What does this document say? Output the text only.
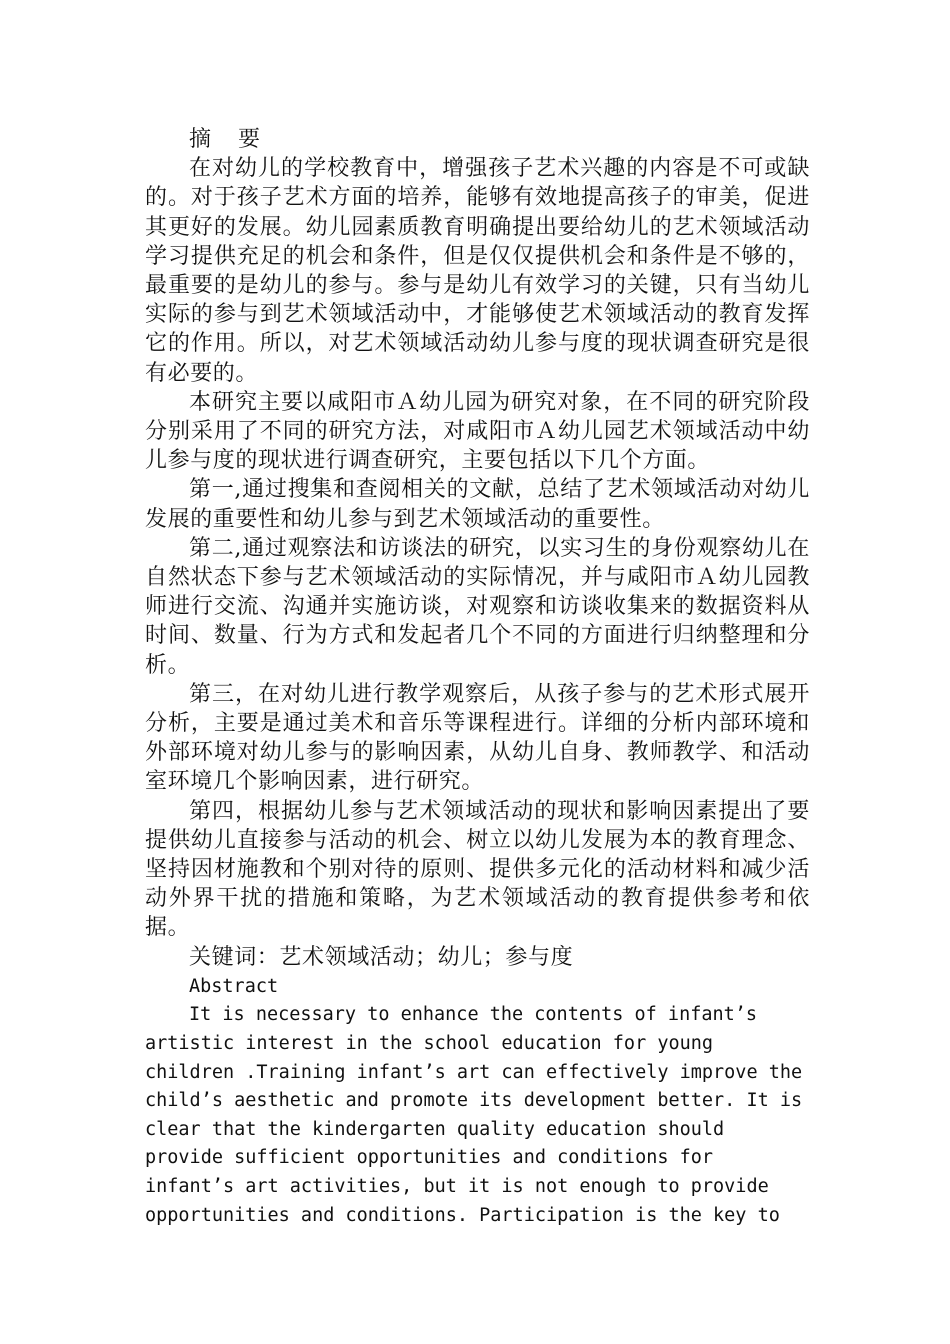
摘 要

在对幼儿的学校教育中，增强孩子艺术兴趣的内容是不可或缺的。对于孩子艺术方面的培养，能够有效地提高孩子的审美，促进其更好的发展。幼儿园素质教育明确提出要给幼儿的艺术领域活动学习提供充足的机会和条件，但是仅仅提供机会和条件是不够的，最重要的是幼儿的参与。参与是幼儿有效学习的关键，只有当幼儿实际的参与到艺术领域活动中，才能够使艺术领域活动的教育发挥它的作用。所以，对艺术领域活动幼儿参与度的现状调查研究是很有必要的。

本研究主要以咸阳市Ａ幼儿园为研究对象，在不同的研究阶段分别采用了不同的研究方法，对咸阳市Ａ幼儿园艺术领域活动中幼儿参与度的现状进行调查研究，主要包括以下几个方面。

第一,通过搜集和查阅相关的文献，总结了艺术领域活动对幼儿发展的重要性和幼儿参与到艺术领域活动的重要性。

第二,通过观察法和访谈法的研究，以实习生的身份观察幼儿在自然状态下参与艺术领域活动的实际情况，并与咸阳市Ａ幼儿园教师进行交流、沟通并实施访谈，对观察和访谈收集来的数据资料从时间、数量、行为方式和发起者几个不同的方面进行归纳整理和分析。

第三，在对幼儿进行教学观察后，从孩子参与的艺术形式展开分析，主要是通过美术和音乐等课程进行。详细的分析内部环境和外部环境对幼儿参与的影响因素，从幼儿自身、教师教学、和活动室环境几个影响因素，进行研究。

第四，根据幼儿参与艺术领域活动的现状和影响因素提出了要提供幼儿直接参与活动的机会、树立以幼儿发展为本的教育理念、坚持因材施教和个别对待的原则、提供多元化的活动材料和减少活动外界干扰的措施和策略，为艺术领域活动的教育提供参考和依据。

关键词：艺术领域活动；幼儿；参与度

Abstract

It is necessary to enhance the contents of infant’s artistic interest in the school education for young children .Training infant’s art can effectively improve the child’s aesthetic and promote its development better. It is clear that the kindergarten quality education should provide sufficient opportunities and conditions for infant’s art activities, but it is not enough to provide opportunities and conditions. Participation is the key to
